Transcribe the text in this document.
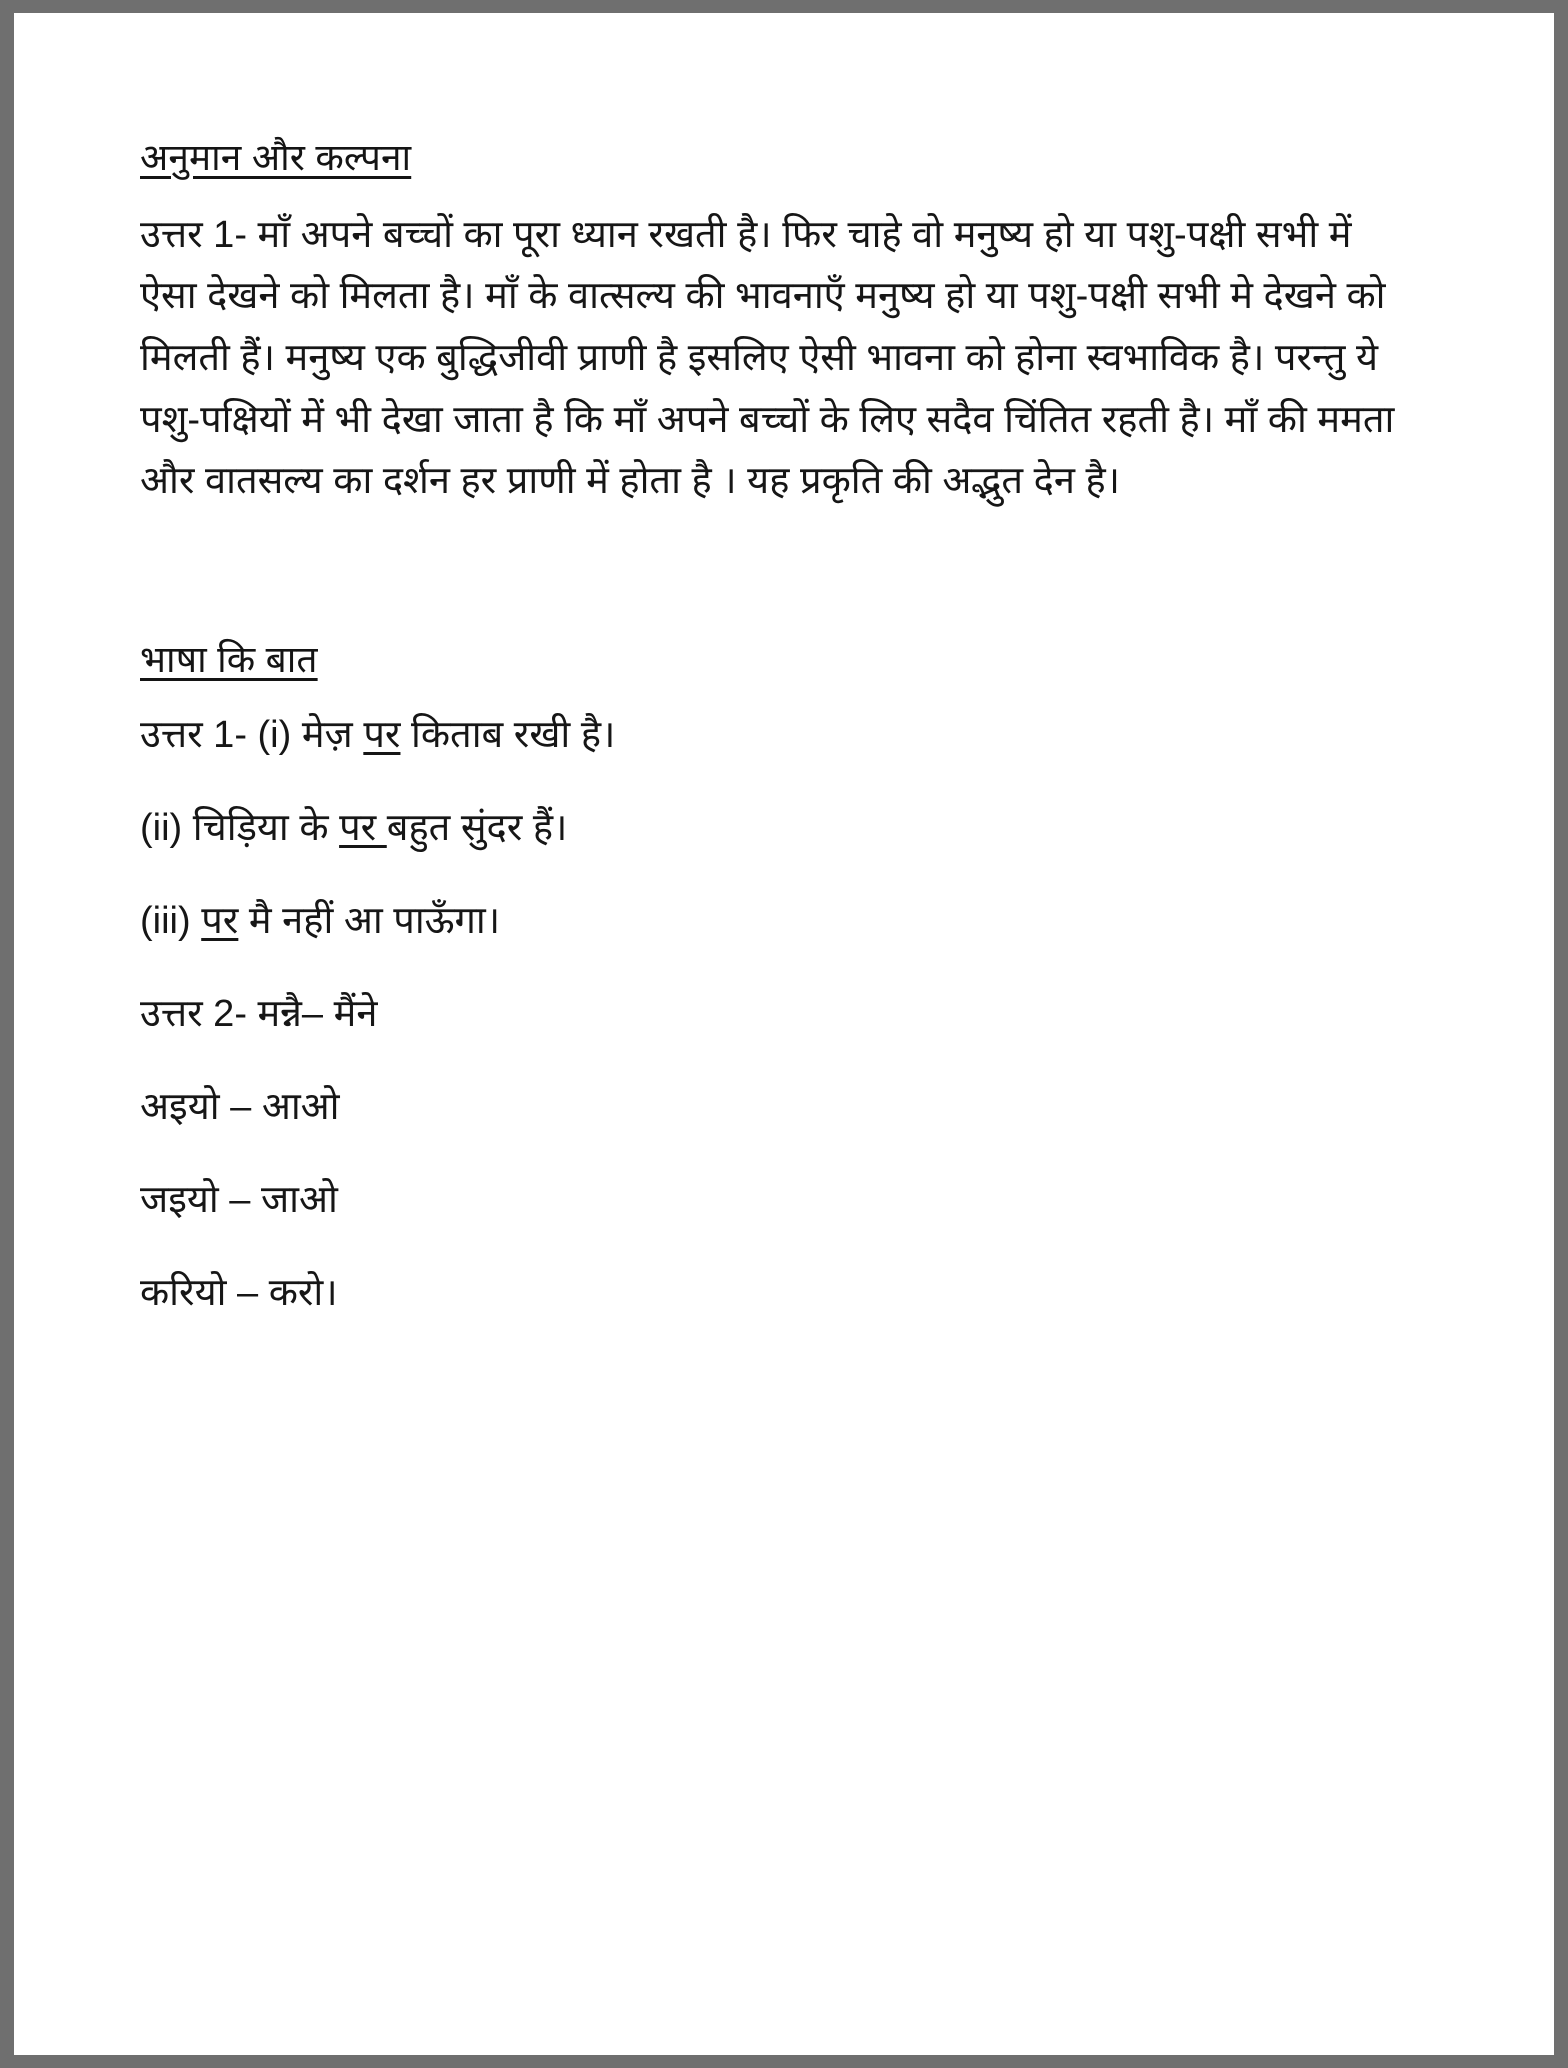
अनुमान और कल्पना

उत्तर 1- माँ अपने बच्चों का पूरा ध्यान रखती है। फिर चाहे वो मनुष्य हो या पशु-पक्षी सभी में ऐसा देखने को मिलता है। माँ के वात्सल्य की भावनाएँ मनुष्य हो या पशु-पक्षी सभी मे देखने को मिलती हैं। मनुष्य एक बुद्धिजीवी प्राणी है इसलिए ऐसी भावना को होना स्वभाविक है। परन्तु ये पशु-पक्षियों में भी देखा जाता है कि माँ अपने बच्चों के लिए सदैव चिंतित रहती है। माँ की ममता और वातसल्य का दर्शन हर प्राणी में होता है । यह प्रकृति की अद्भुत देन है।

भाषा कि बात

उत्तर 1- (i) मेज़ पर किताब रखी है।

(ii) चिड़िया के पर बहुत सुंदर हैं।

(iii) पर मै नहीं आ पाऊँगा।

उत्तर 2- मन्नै– मैंने

अइयो – आओ

जइयो – जाओ

करियो – करो।
